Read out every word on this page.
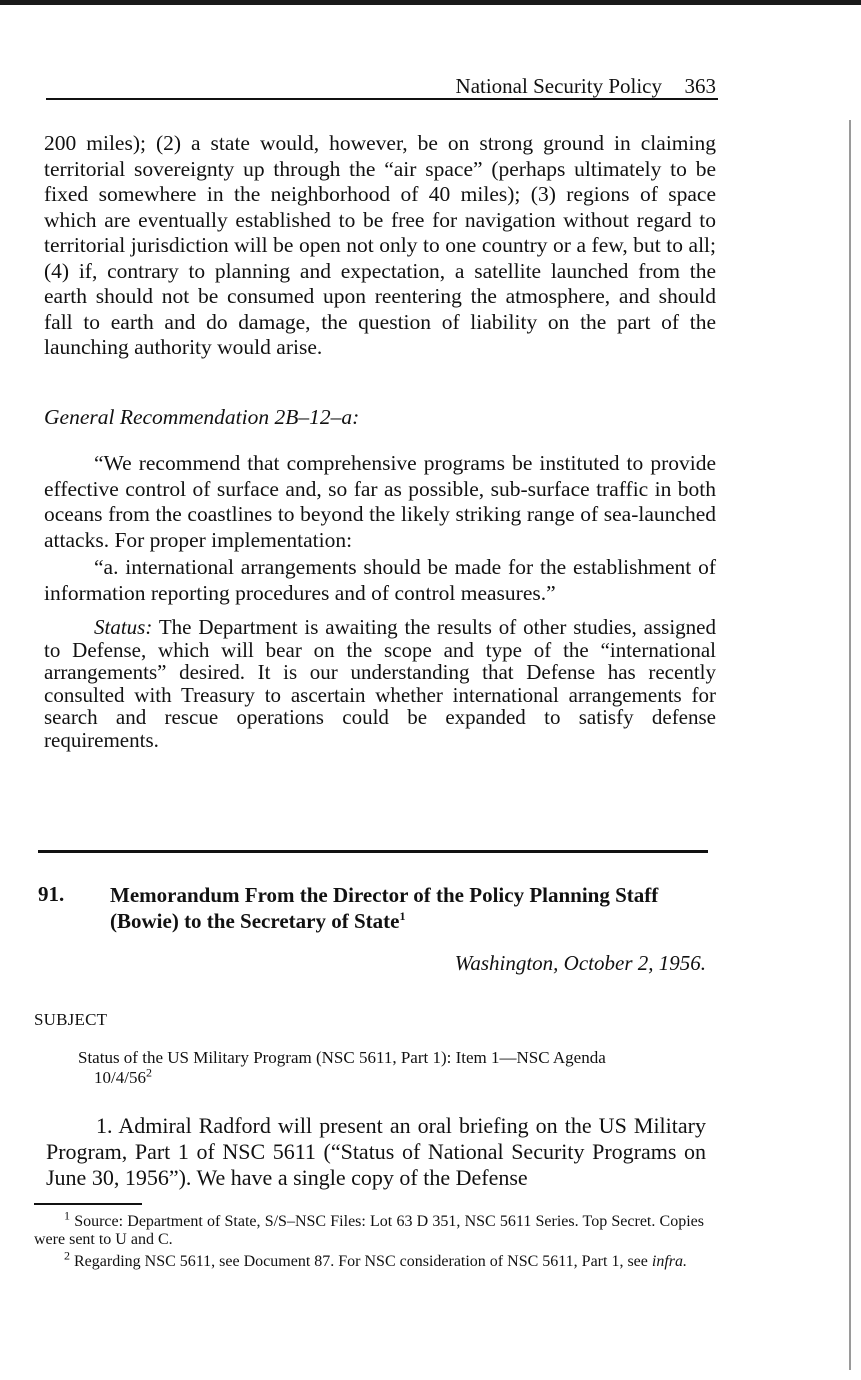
National Security Policy 363
200 miles); (2) a state would, however, be on strong ground in claiming territorial sovereignty up through the “air space” (perhaps ultimately to be fixed somewhere in the neighborhood of 40 miles); (3) regions of space which are eventually established to be free for navigation without regard to territorial jurisdiction will be open not only to one country or a few, but to all; (4) if, contrary to planning and expectation, a satellite launched from the earth should not be consumed upon reentering the atmosphere, and should fall to earth and do damage, the question of liability on the part of the launching authority would arise.
General Recommendation 2B–12–a:
“We recommend that comprehensive programs be instituted to provide effective control of surface and, so far as possible, sub-surface traffic in both oceans from the coastlines to beyond the likely striking range of sea-launched attacks. For proper implementation:
“a. international arrangements should be made for the establishment of information reporting procedures and of control measures.”
Status: The Department is awaiting the results of other studies, assigned to Defense, which will bear on the scope and type of the “international arrangements” desired. It is our understanding that Defense has recently consulted with Treasury to ascertain whether international arrangements for search and rescue operations could be expanded to satisfy defense requirements.
91. Memorandum From the Director of the Policy Planning Staff (Bowie) to the Secretary of State$^1$
Washington, October 2, 1956.
SUBJECT
Status of the US Military Program (NSC 5611, Part 1): Item 1—NSC Agenda
$10/4/56^2$
1. Admiral Radford will present an oral briefing on the US Military Program, Part 1 of NSC 5611 (“Status of National Security Programs on June 30, 1956”). We have a single copy of the Defense
$^1$ Source: Department of State, S/S–NSC Files: Lot 63 D 351, NSC 5611 Series. Top Secret. Copies were sent to U and C.
$^2$ Regarding NSC 5611, see Document 87. For NSC consideration of NSC 5611, Part 1, see infra.
